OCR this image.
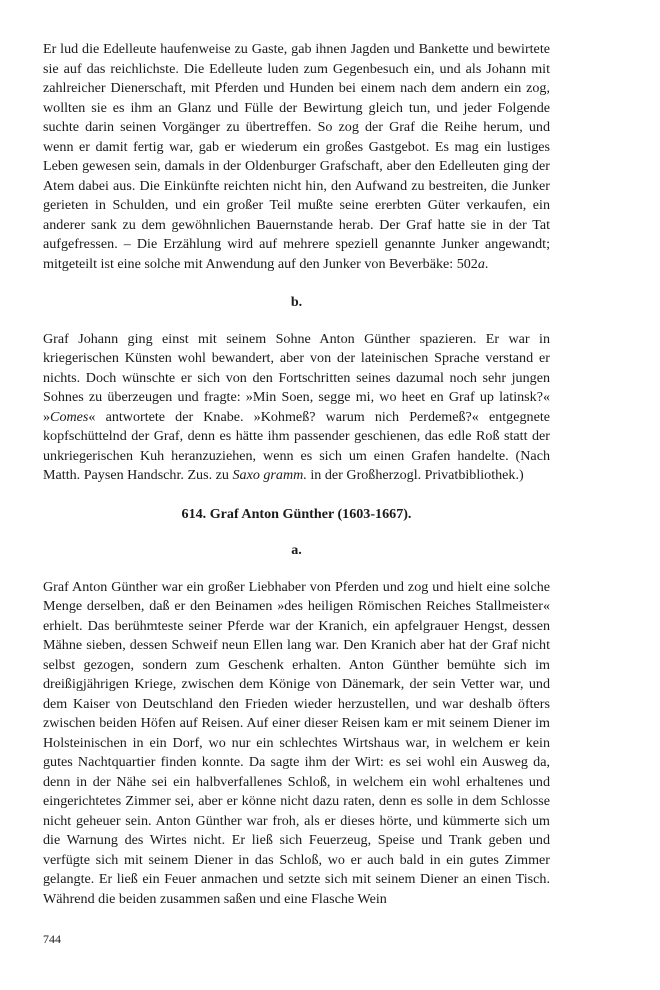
Er lud die Edelleute haufenweise zu Gaste, gab ihnen Jagden und Bankette und bewirtete sie auf das reichlichste. Die Edelleute luden zum Gegenbesuch ein, und als Johann mit zahlreicher Dienerschaft, mit Pferden und Hunden bei einem nach dem andern ein zog, wollten sie es ihm an Glanz und Fülle der Bewirtung gleich tun, und jeder Folgende suchte darin seinen Vorgänger zu übertreffen. So zog der Graf die Reihe herum, und wenn er damit fertig war, gab er wiederum ein großes Gastgebot. Es mag ein lustiges Leben gewesen sein, damals in der Oldenburger Grafschaft, aber den Edelleuten ging der Atem dabei aus. Die Einkünfte reichten nicht hin, den Aufwand zu bestreiten, die Junker gerieten in Schulden, und ein großer Teil mußte seine ererbten Güter verkaufen, ein anderer sank zu dem gewöhnlichen Bauernstande herab. Der Graf hatte sie in der Tat aufgefressen. – Die Erzählung wird auf mehrere speziell genannte Junker angewandt; mitgeteilt ist eine solche mit Anwendung auf den Junker von Beverbäke: 502a.

b.

Graf Johann ging einst mit seinem Sohne Anton Günther spazieren. Er war in kriegerischen Künsten wohl bewandert, aber von der lateinischen Sprache verstand er nichts. Doch wünschte er sich von den Fortschritten seines dazumal noch sehr jungen Sohnes zu überzeugen und fragte: »Min Soen, segge mi, wo heet en Graf up latinsk?« »Comes« antwortete der Knabe. »Kohmeß? warum nich Perdemeß?« entgegnete kopfschüttelnd der Graf, denn es hätte ihm passender geschienen, das edle Roß statt der unkriegerischen Kuh heranzuziehen, wenn es sich um einen Grafen handelte. (Nach Matth. Paysen Handschr. Zus. zu Saxo gramm. in der Großherzogl. Privatbibliothek.)

614. Graf Anton Günther (1603-1667).

a.

Graf Anton Günther war ein großer Liebhaber von Pferden und zog und hielt eine solche Menge derselben, daß er den Beinamen »des heiligen Römischen Reiches Stallmeister« erhielt. Das berühmteste seiner Pferde war der Kranich, ein apfelgrauer Hengst, dessen Mähne sieben, dessen Schweif neun Ellen lang war. Den Kranich aber hat der Graf nicht selbst gezogen, sondern zum Geschenk erhalten. Anton Günther bemühte sich im dreißigjährigen Kriege, zwischen dem Könige von Dänemark, der sein Vetter war, und dem Kaiser von Deutschland den Frieden wieder herzustellen, und war deshalb öfters zwischen beiden Höfen auf Reisen. Auf einer dieser Reisen kam er mit seinem Diener im Holsteinischen in ein Dorf, wo nur ein schlechtes Wirtshaus war, in welchem er kein gutes Nachtquartier finden konnte. Da sagte ihm der Wirt: es sei wohl ein Ausweg da, denn in der Nähe sei ein halbverfallenes Schloß, in welchem ein wohl erhaltenes und eingerichtetes Zimmer sei, aber er könne nicht dazu raten, denn es solle in dem Schlosse nicht geheuer sein. Anton Günther war froh, als er dieses hörte, und kümmerte sich um die Warnung des Wirtes nicht. Er ließ sich Feuerzeug, Speise und Trank geben und verfügte sich mit seinem Diener in das Schloß, wo er auch bald in ein gutes Zimmer gelangte. Er ließ ein Feuer anmachen und setzte sich mit seinem Diener an einen Tisch. Während die beiden zusammen saßen und eine Flasche Wein

744
